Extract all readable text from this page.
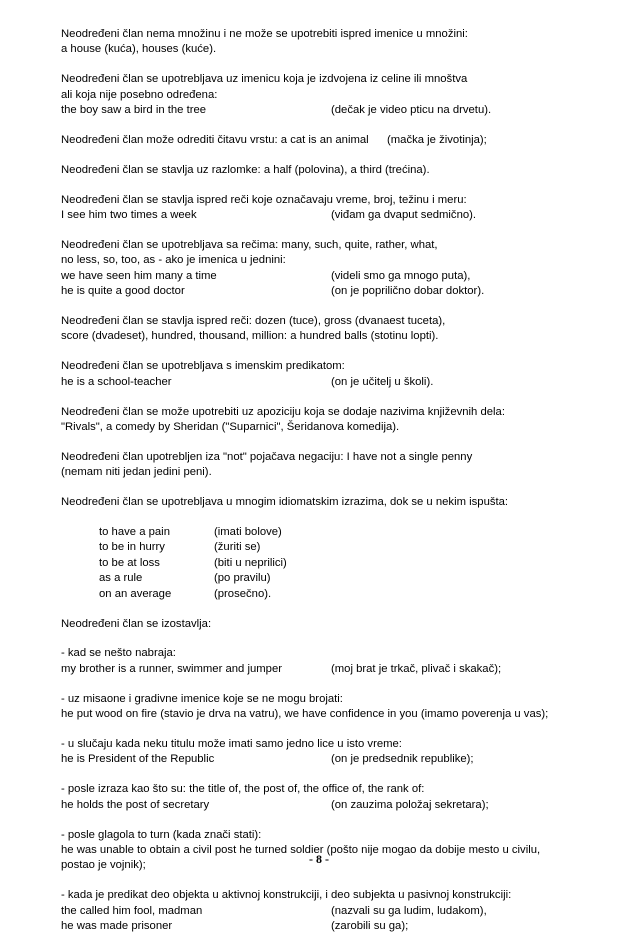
Neodređeni član nema množinu i ne može se upotrebiti ispred imenice u množini:
a house (kuća), houses (kuće).
Neodređeni član se upotrebljava uz imenicu koja je izdvojena iz celine ili mnoštva
ali koja nije posebno određena:
the boy saw a bird in the tree	(dečak je video pticu na drvetu).
Neodređeni član može odrediti čitavu vrstu: a cat is an animal (mačka je životinja);
Neodređeni član se stavlja uz razlomke: a half (polovina), a third (trećina).
Neodređeni član se stavlja ispred reči koje označavaju vreme, broj, težinu i meru:
I see him two times a week	(viđam ga dvaput sedmično).
Neodređeni član se upotrebljava sa rečima: many, such, quite, rather, what,
no less, so, too, as - ako je imenica u jednini:
we have seen him many a time	(videli smo ga mnogo puta),
he is quite a good doctor	(on je poprilično dobar doktor).
Neodređeni član se stavlja ispred reči: dozen (tuce), gross (dvanaest tuceta),
score (dvadeset), hundred, thousand, million: a hundred balls (stotinu lopti).
Neodređeni član se upotrebljava s imenskim predikatom:
he is a school-teacher	(on je učitelj u školi).
Neodređeni član se može upotrebiti uz apoziciju koja se dodaje nazivima književnih dela:
"Rivals", a comedy by Sheridan ("Suparnici", Šeridanova komedija).
Neodređeni član upotrebljen iza "not" pojačava negaciju: I have not a single penny
(nemam niti jedan jedini peni).
Neodređeni član se upotrebljava u mnogim idiomatskim izrazima, dok se u nekim ispušta:
to have a pain	(imati bolove)
to be in hurry	(žuriti se)
to be at loss	(biti u neprilici)
as a rule	(po pravilu)
on an average	(prosečno).
Neodređeni član se izostavlja:
- kad se nešto nabraja:
my brother is a runner, swimmer and jumper	(moj brat je trkač, plivač i skakač);
- uz misaone i gradivne imenice koje se ne mogu brojati:
he put wood on fire (stavio je drva na vatru), we have confidence in you (imamo poverenja u vas);
- u slučaju kada neku titulu može imati samo jedno lice u isto vreme:
he is President of the Republic	(on je predsednik republike);
- posle izraza kao što su: the title of, the post of, the office of, the rank of:
he holds the post of secretary	(on zauzima položaj sekretara);
- posle glagola to turn (kada znači stati):
he was unable to obtain a civil post he turned soldier (pošto nije mogao da dobije mesto u civilu,
postao je vojnik);
- kada je predikat deo objekta u aktivnoj konstrukciji, i deo subjekta u pasivnoj konstrukciji:
the called him fool, madman	(nazvali su ga ludim, ludakom),
he was made prisoner	(zarobili su ga);
- 8 -
